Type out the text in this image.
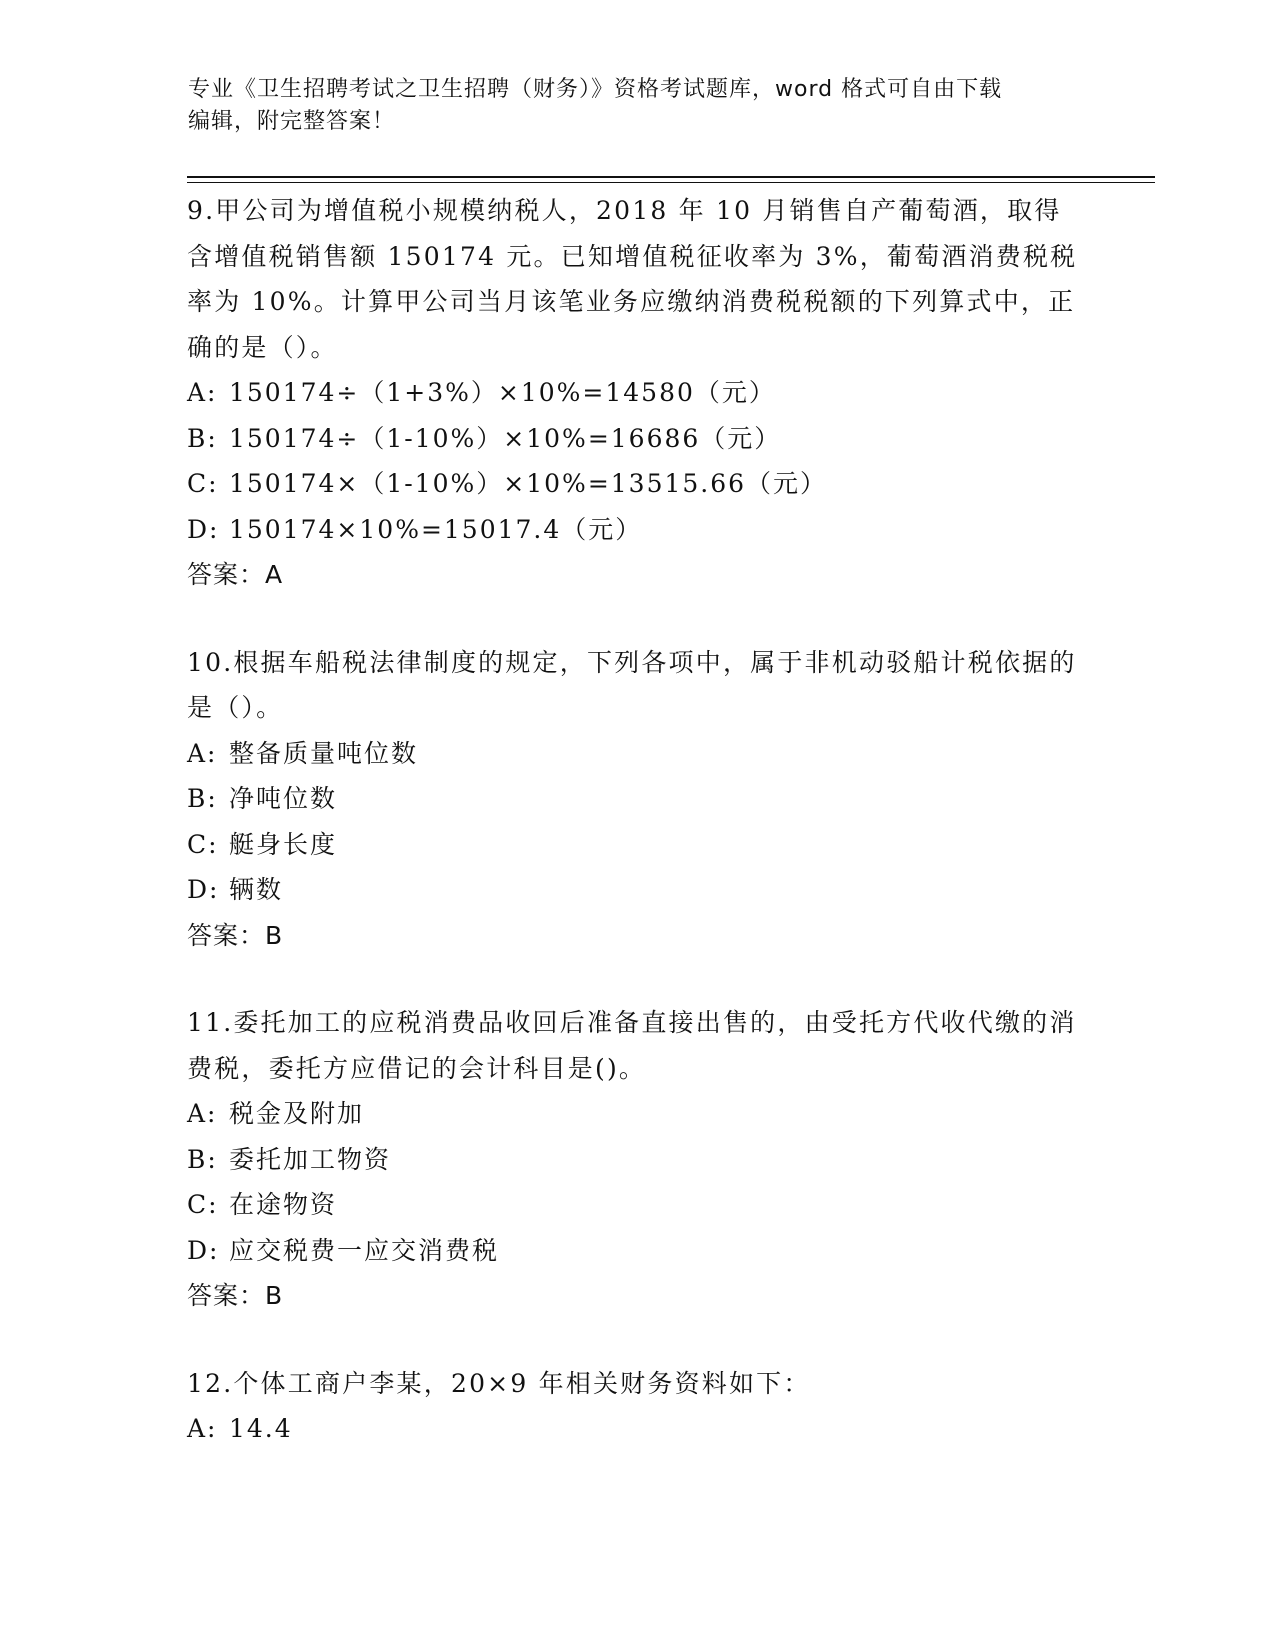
专业《卫生招聘考试之卫生招聘（财务）》资格考试题库，word 格式可自由下载
编辑，附完整答案！

9.甲公司为增值税小规模纳税人，2018 年 10 月销售自产葡萄酒，取得含增值税销售额 150174 元。已知增值税征收率为 3%，葡萄酒消费税税率为 10%。计算甲公司当月该笔业务应缴纳消费税税额的下列算式中，正确的是（）。

A: 150174÷（1+3%）×10%=14580（元）
B: 150174÷（1-10%）×10%=16686（元）
C: 150174×（1-10%）×10%=13515.66（元）
D: 150174×10%=15017.4（元）
答案：A

10.根据车船税法律制度的规定，下列各项中，属于非机动驳船计税依据的是（）。

A: 整备质量吨位数
B: 净吨位数
C: 艇身长度
D: 辆数
答案：B

11.委托加工的应税消费品收回后准备直接出售的，由受托方代收代缴的消费税，委托方应借记的会计科目是()。

A: 税金及附加
B: 委托加工物资
C: 在途物资
D: 应交税费一应交消费税
答案：B

12.个体工商户李某，20×9 年相关财务资料如下：

A: 14.4
